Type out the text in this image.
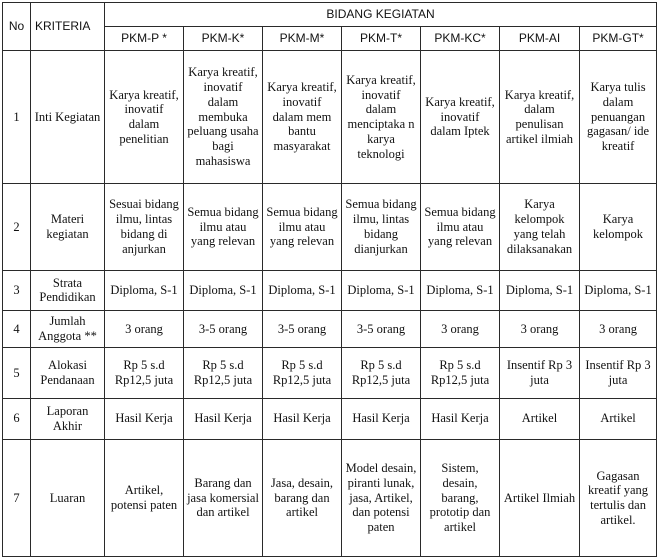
No	KRITERIA	BIDANG KEGIATAN						
		PKM-P *	PKM-K*	PKM-M*	PKM-T*	PKM-KC*	PKM-AI	PKM-GT*
1	Inti Kegiatan	Karya kreatif, inovatif dalam penelitian	Karya kreatif, inovatif dalam membuka peluang usaha bagi mahasiswa	Karya kreatif, inovatif dalam mem bantu masyarakat	Karya kreatif, inovatif dalam menciptaka n karya teknologi	Karya kreatif, inovatif dalam Iptek	Karya kreatif, dalam penulisan artikel ilmiah	Karya tulis dalam penuangan gagasan/ ide kreatif
2	Materi kegiatan	Sesuai bidang ilmu, lintas bidang di anjurkan	Semua bidang ilmu atau yang relevan	Semua bidang ilmu atau yang relevan	Semua bidang ilmu, lintas bidang dianjurkan	Semua bidang ilmu atau yang relevan	Karya kelompok yang telah dilaksanakan	Karya kelompok
3	Strata Pendidikan	Diploma, S-1	Diploma, S-1	Diploma, S-1	Diploma, S-1	Diploma, S-1	Diploma, S-1	Diploma, S-1
4	Jumlah Anggota **	3 orang	3-5 orang	3-5 orang	3-5 orang	3 orang	3 orang	3 orang
5	Alokasi Pendanaan	Rp 5 s.d Rp12,5 juta	Rp 5 s.d Rp12,5 juta	Rp 5 s.d Rp12,5 juta	Rp 5 s.d Rp12,5 juta	Rp 5 s.d Rp12,5 juta	Insentif Rp 3 juta	Insentif Rp 3 juta
6	Laporan Akhir	Hasil Kerja	Hasil Kerja	Hasil Kerja	Hasil Kerja	Hasil Kerja	Artikel	Artikel
7	Luaran	Artikel, potensi paten	Barang dan jasa komersial dan artikel	Jasa, desain, barang dan artikel	Model desain, piranti lunak, jasa, Artikel, dan potensi paten	Sistem, desain, barang, prototip dan artikel	Artikel Ilmiah	Gagasan kreatif yang tertulis dan artikel.
